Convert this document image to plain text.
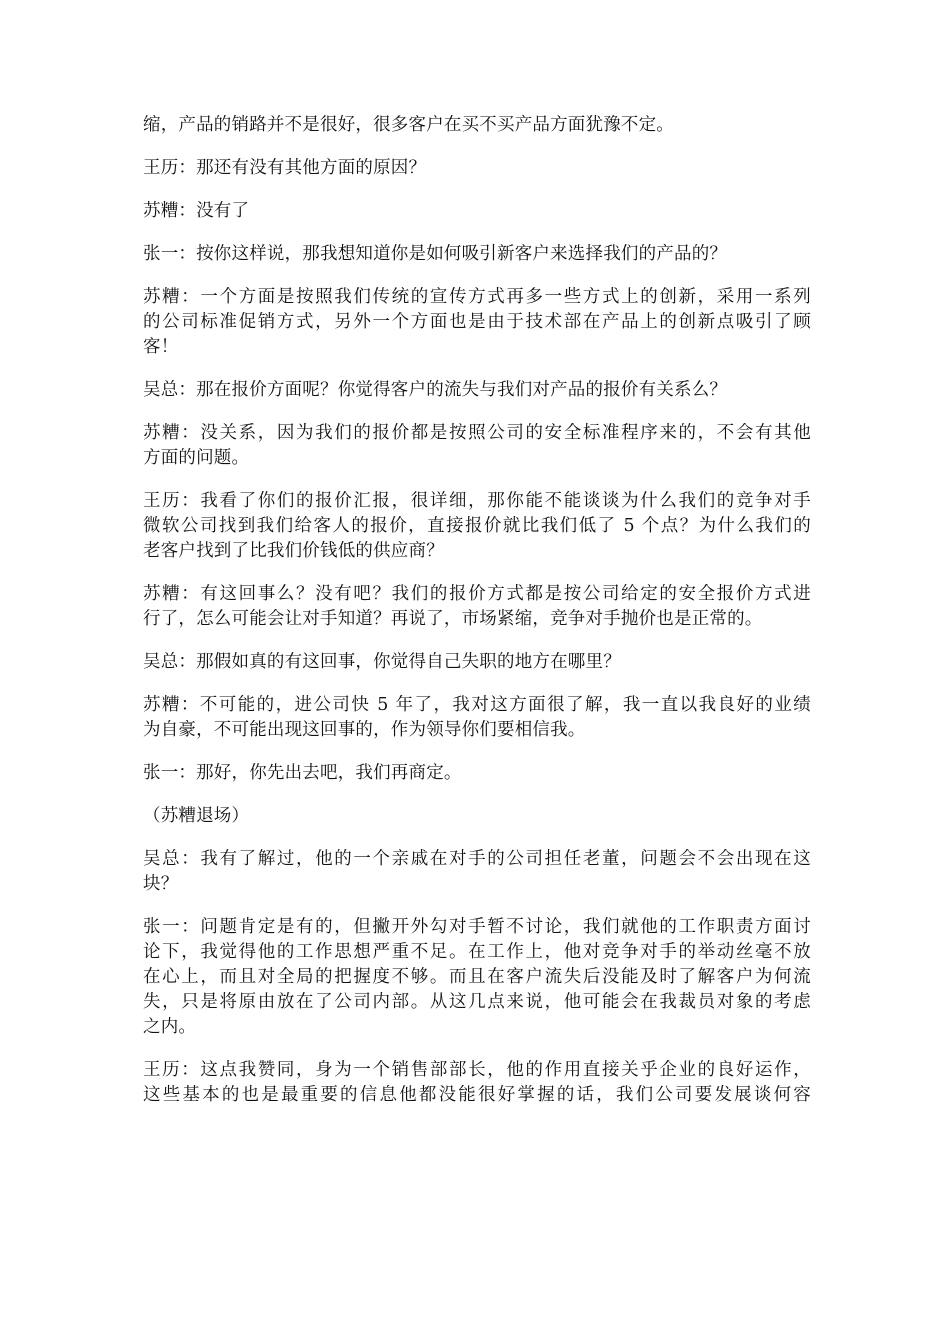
缩，产品的销路并不是很好，很多客户在买不买产品方面犹豫不定。

王历：那还有没有其他方面的原因？

苏糟：没有了

张一：按你这样说，那我想知道你是如何吸引新客户来选择我们的产品的？

苏糟：一个方面是按照我们传统的宣传方式再多一些方式上的创新，采用一系列
的公司标准促销方式，另外一个方面也是由于技术部在产品上的创新点吸引了顾
客！

吴总：那在报价方面呢？你觉得客户的流失与我们对产品的报价有关系么？

苏糟：没关系，因为我们的报价都是按照公司的安全标准程序来的，不会有其他
方面的问题。

王历：我看了你们的报价汇报，很详细，那你能不能谈谈为什么我们的竞争对手
微软公司找到我们给客人的报价，直接报价就比我们低了 5 个点？为什么我们的
老客户找到了比我们价钱低的供应商？

苏糟：有这回事么？没有吧？我们的报价方式都是按公司给定的安全报价方式进
行了，怎么可能会让对手知道？再说了，市场紧缩，竞争对手抛价也是正常的。

吴总：那假如真的有这回事，你觉得自己失职的地方在哪里？

苏糟：不可能的，进公司快 5 年了，我对这方面很了解，我一直以我良好的业绩
为自豪，不可能出现这回事的，作为领导你们要相信我。

张一：那好，你先出去吧，我们再商定。

（苏糟退场）

吴总：我有了解过，他的一个亲戚在对手的公司担任老董，问题会不会出现在这
块？

张一：问题肯定是有的，但撇开外勾对手暂不讨论，我们就他的工作职责方面讨
论下，我觉得他的工作思想严重不足。在工作上，他对竞争对手的举动丝毫不放
在心上，而且对全局的把握度不够。而且在客户流失后没能及时了解客户为何流
失，只是将原由放在了公司内部。从这几点来说，他可能会在我裁员对象的考虑
之内。

王历：这点我赞同，身为一个销售部部长，他的作用直接关乎企业的良好运作，
这些基本的也是最重要的信息他都没能很好掌握的话，我们公司要发展谈何容
